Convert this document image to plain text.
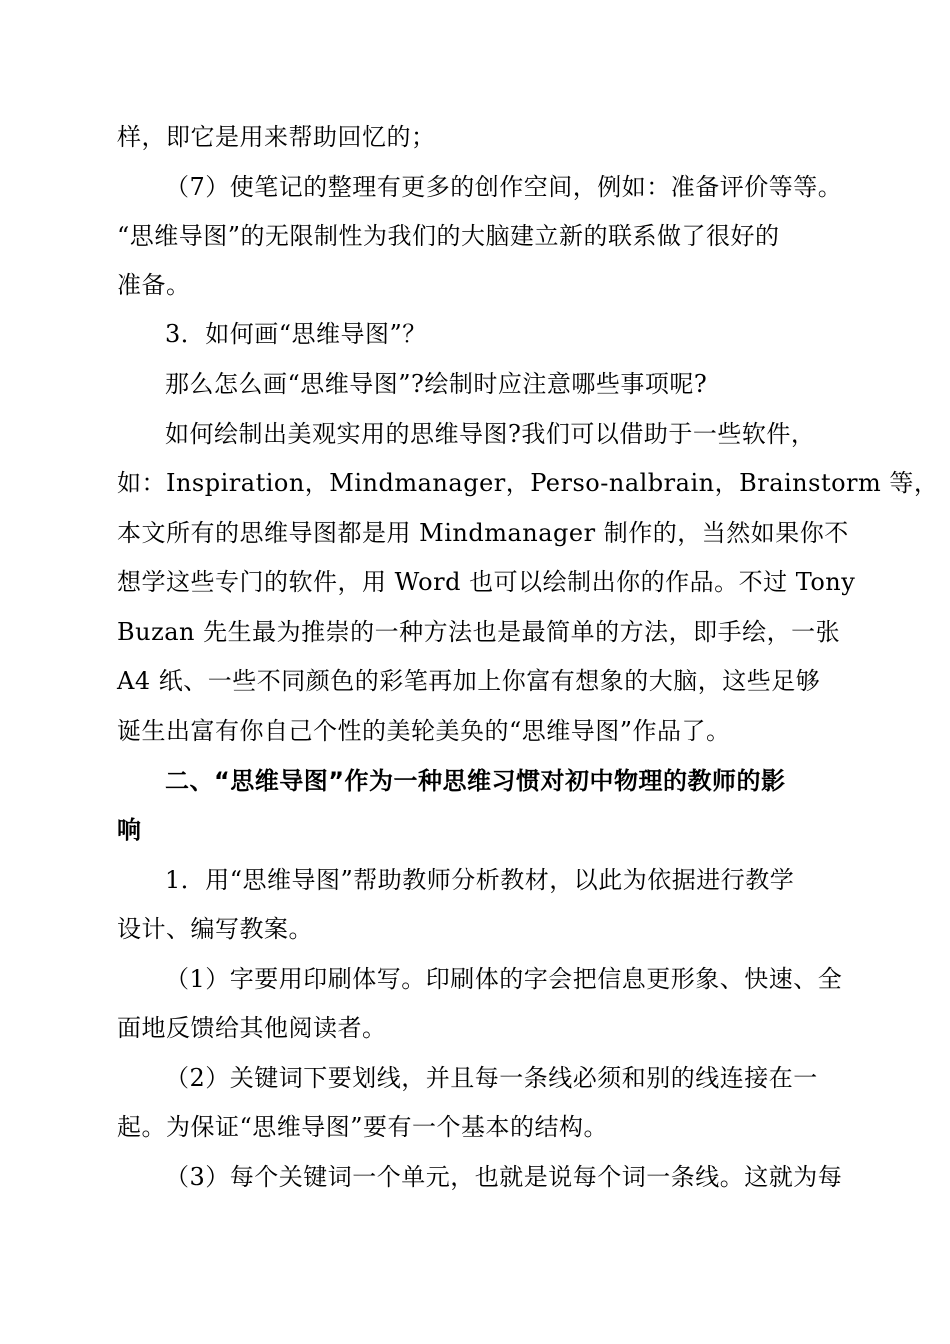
样，即它是用来帮助回忆的；
（7）使笔记的整理有更多的创作空间，例如：准备评价等等。
“思维导图”的无限制性为我们的大脑建立新的联系做了很好的
准备。
3．如何画“思维导图”？
那么怎么画“思维导图”?绘制时应注意哪些事项呢?
如何绘制出美观实用的思维导图?我们可以借助于一些软件，
如：Inspiration，Mindmanager，Perso-nalbrain，Brainstorm 等，
本文所有的思维导图都是用 Mindmanager 制作的，当然如果你不
想学这些专门的软件，用 Word 也可以绘制出你的作品。不过 Tony
Buzan 先生最为推崇的一种方法也是最简单的方法，即手绘，一张
A4 纸、一些不同颜色的彩笔再加上你富有想象的大脑，这些足够
诞生出富有你自己个性的美轮美奂的“思维导图”作品了。
二、“思维导图”作为一种思维习惯对初中物理的教师的影
响
1．用“思维导图”帮助教师分析教材，以此为依据进行教学
设计、编写教案。
（1）字要用印刷体写。印刷体的字会把信息更形象、快速、全
面地反馈给其他阅读者。
（2）关键词下要划线，并且每一条线必须和别的线连接在一
起。为保证“思维导图”要有一个基本的结构。
（3）每个关键词一个单元，也就是说每个词一条线。这就为每
